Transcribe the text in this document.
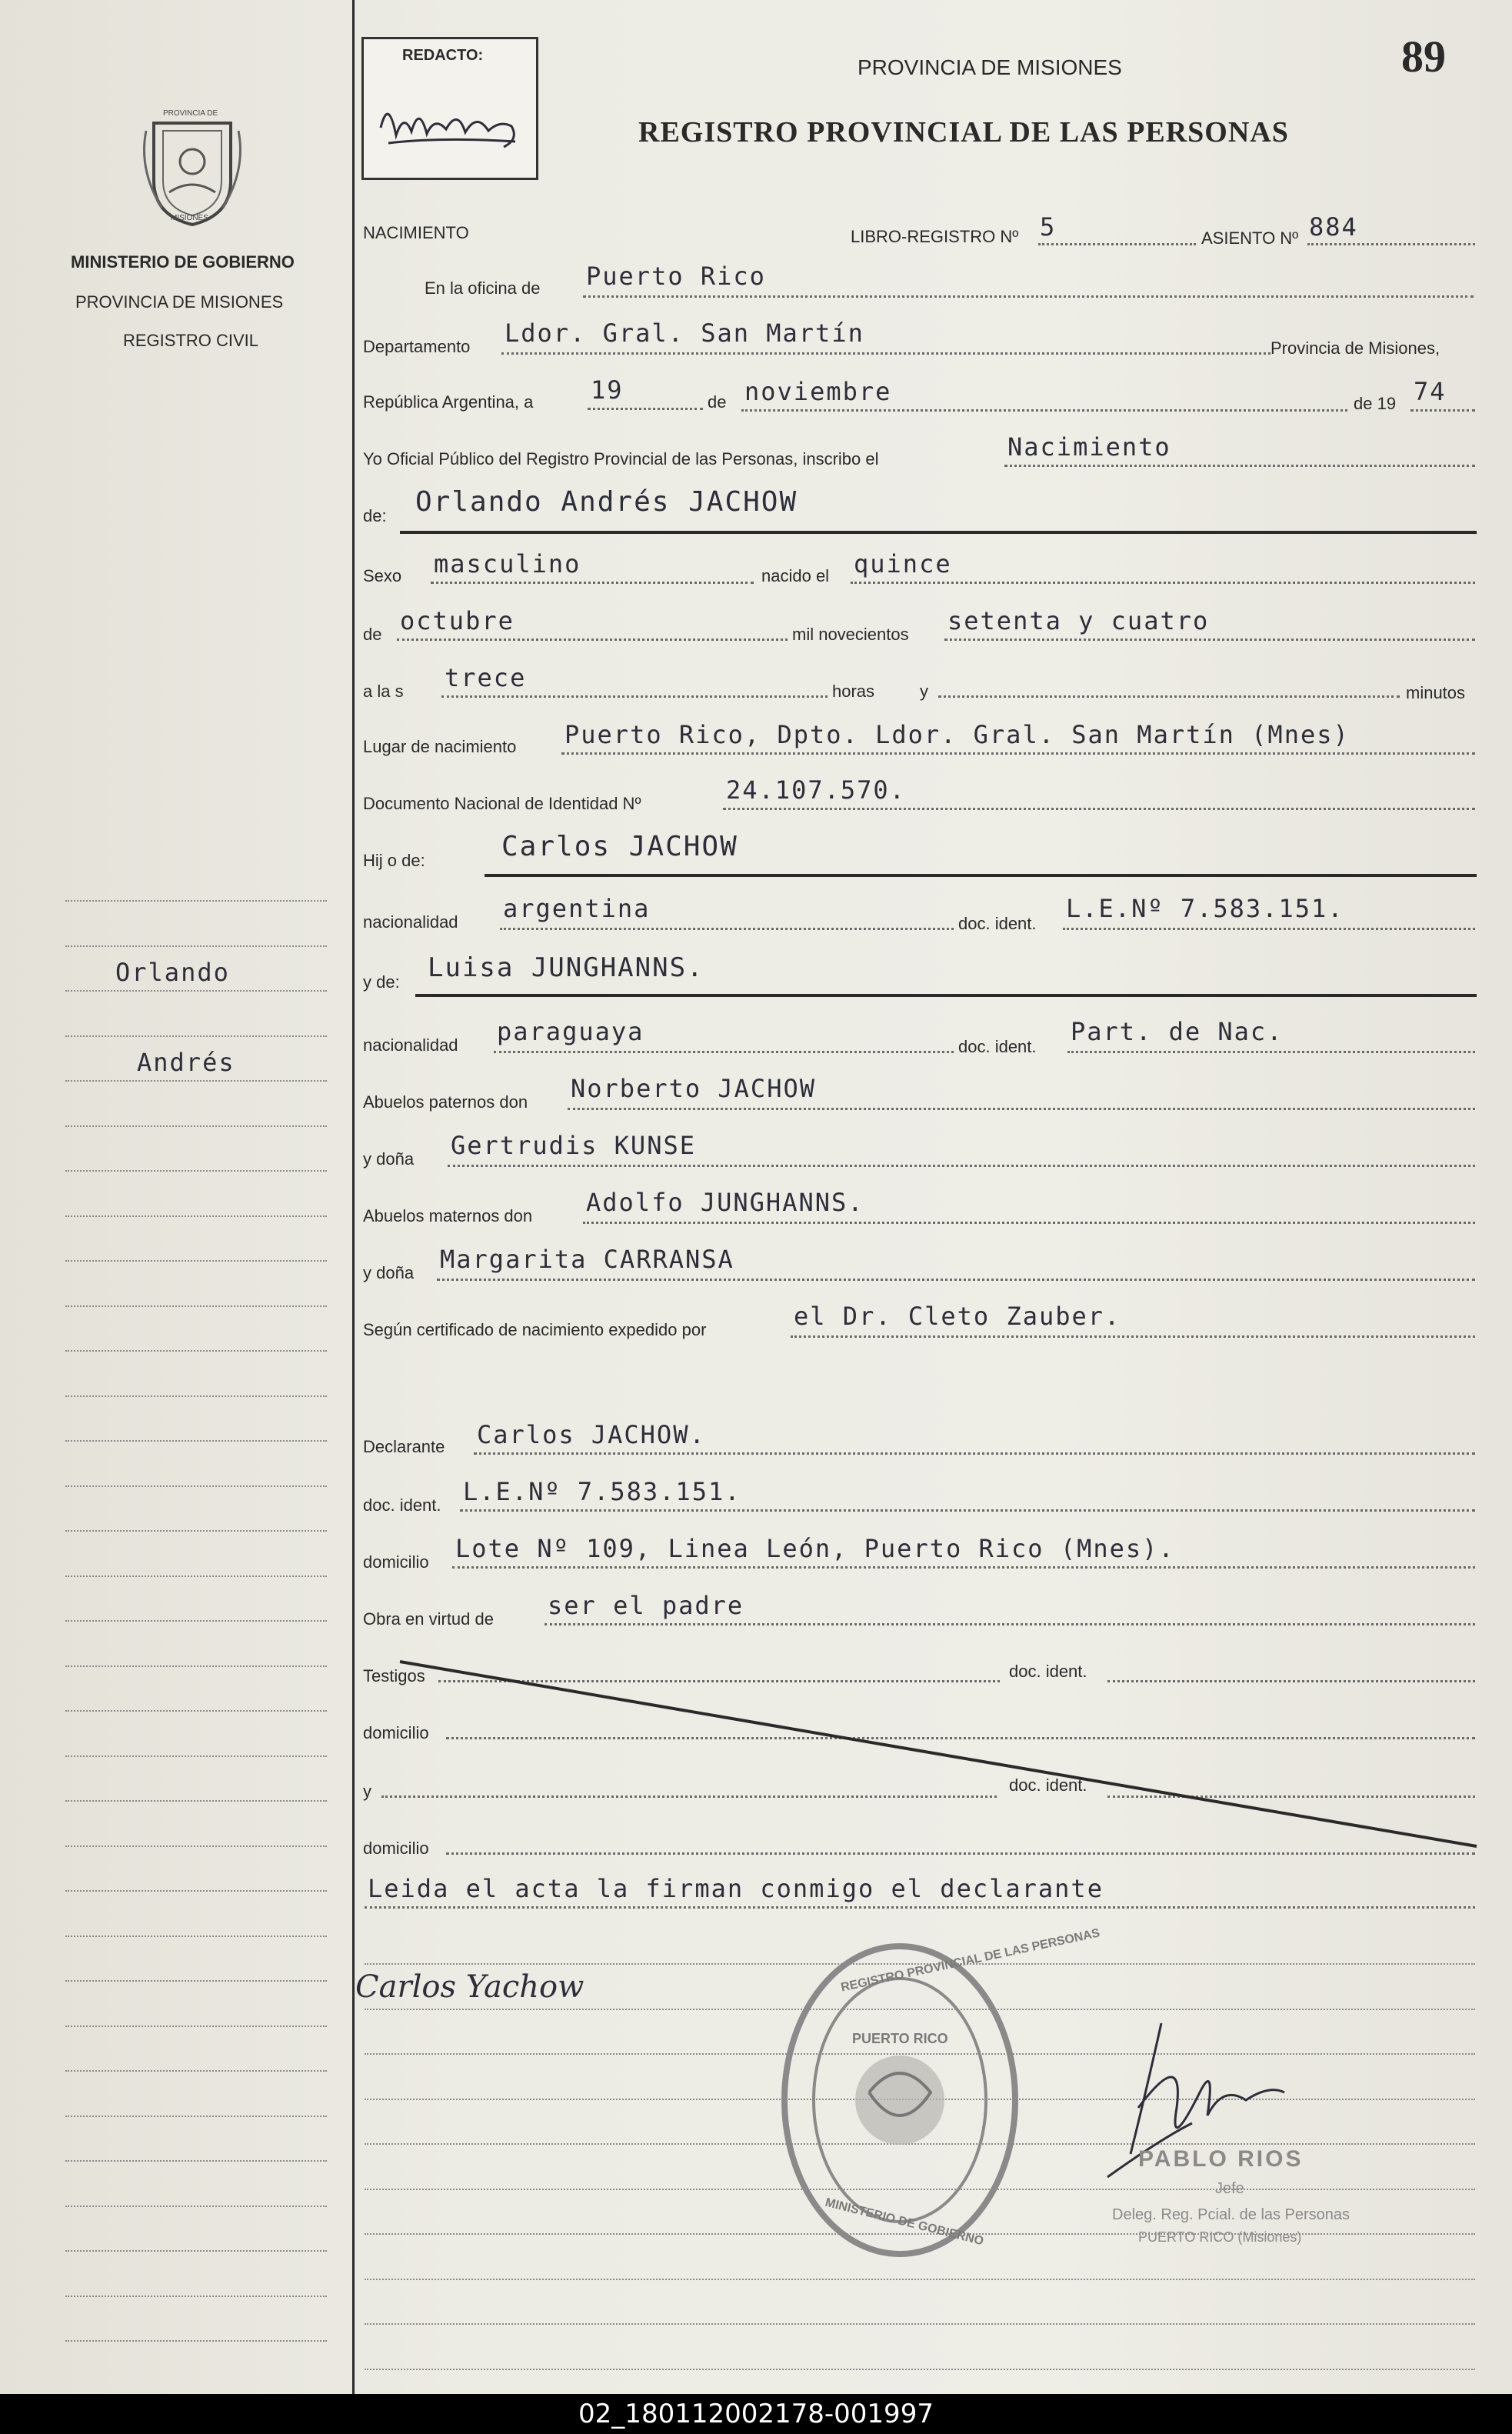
PROVINCIA DE
MISIONES
MINISTERIO DE GOBIERNO
PROVINCIA DE MISIONES
REGISTRO CIVIL
Orlando
Andrés
REDACTO:	PROVINCIA DE MISIONES
REGISTRO PROVINCIAL DE LAS PERSONAS
89
NACIMIENTO	LIBRO-REGISTRO Nº 5	ASIENTO Nº 884
En la oficina de Puerto Rico
Departamento Ldor. Gral. San Martín
Provincia de Misiones,
República Argentina, a 19	de noviembre	de 19 74
Yo Oficial Público del Registro Provincial de las Personas, inscribo el	Nacimiento
de: Orlando Andrés JACHOW
Sexo masculino	nacido el quince
de octubre	mil novecientos setenta y cuatro
a la s trece	horas	y	minutos
Lugar de nacimiento Puerto Rico, Dpto. Ldor. Gral. San Martín (Mnes)
Documento Nacional de Identidad Nº	24.107.570.
Hij o de:	Carlos JACHOW
nacionalidad argentina
doc. ident.
L.E.Nº 7.583.151.
y de: Luisa JUNGHANNS.
nacionalidad paraguaya
doc. ident.
Part. de Nac.
Abuelos paternos don Norberto JACHOW
y doña Gertrudis KUNSE
Abuelos maternos don Adolfo JUNGHANNS.
y doña Margarita CARRANSA
Según certificado de nacimiento expedido por	el Dr. Cleto Zauber.
Declarante Carlos JACHOW.
doc. ident. L.E.Nº 7.583.151.
domicilio Lote Nº 109, Linea León, Puerto Rico (Mnes).
Obra en virtud de ser el padre
Testigos	doc. ident.
domicilio
y	doc. ident.
domicilio
Leida el acta la firman conmigo el declarante
Carlos Yachow	REGISTRO PROVINCIAL DE LAS PERSONAS
PUERTO RICO
MINISTERIO DE GOBIERNO
PABLO RIOS
Jefe
Deleg. Reg. Pcial. de las Personas
PUERTO RICO (Misiones)
02_180112002178-001997
